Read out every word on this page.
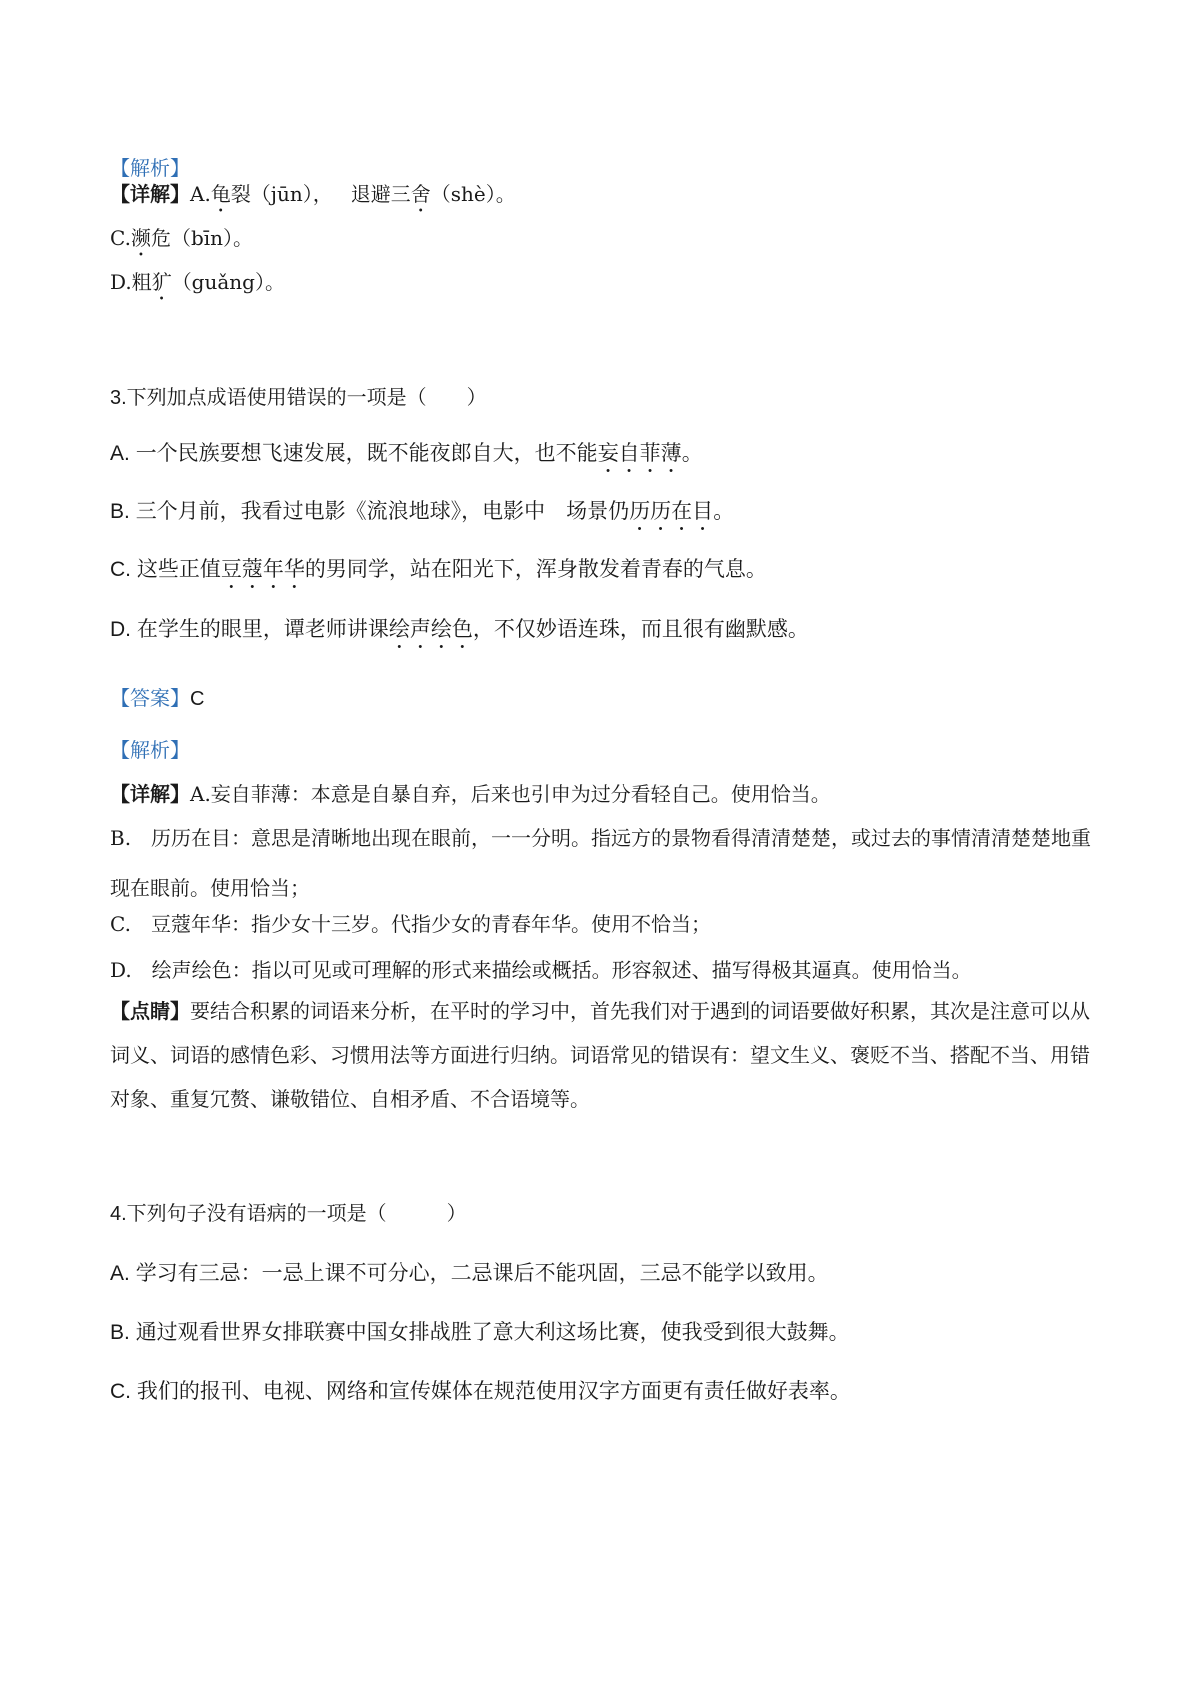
【解析】
【详解】A.龟裂（jūn）， 退避三舍（shè）。
C.濒危（bīn）。
D.粗犷（guǎng）。
3.下列加点成语使用错误的一项是（　　）
A. 一个民族要想飞速发展，既不能夜郎自大，也不能妄自菲薄。
B. 三个月前，我看过电影《流浪地球》，电影中　场景仍历历在目。
C. 这些正值豆蔻年华的男同学，站在阳光下，浑身散发着青春的气息。
D. 在学生的眼里，谭老师讲课绘声绘色，不仅妙语连珠，而且很有幽默感。
【答案】C
【解析】
【详解】A.妄自菲薄：本意是自暴自弃，后来也引申为过分看轻自己。使用恰当。
B.　历历在目：意思是清晰地出现在眼前，一一分明。指远方的景物看得清清楚楚，或过去的事情清清楚楚地重现在眼前。使用恰当；
C.　豆蔻年华：指少女十三岁。代指少女的青春年华。使用不恰当；
D.　绘声绘色：指以可见或可理解的形式来描绘或概括。形容叙述、描写得极其逼真。使用恰当。
【点睛】要结合积累的词语来分析，在平时的学习中，首先我们对于遇到的词语要做好积累，其次是注意可以从词义、词语的感情色彩、习惯用法等方面进行归纳。词语常见的错误有：望文生义、褒贬不当、搭配不当、用错对象、重复冗赘、谦敬错位、自相矛盾、不合语境等。
4.下列句子没有语病的一项是（　　　）
A. 学习有三忌：一忌上课不可分心，二忌课后不能巩固，三忌不能学以致用。
B. 通过观看世界女排联赛中国女排战胜了意大利这场比赛，使我受到很大鼓舞。
C. 我们的报刊、电视、网络和宣传媒体在规范使用汉字方面更有责任做好表率。
